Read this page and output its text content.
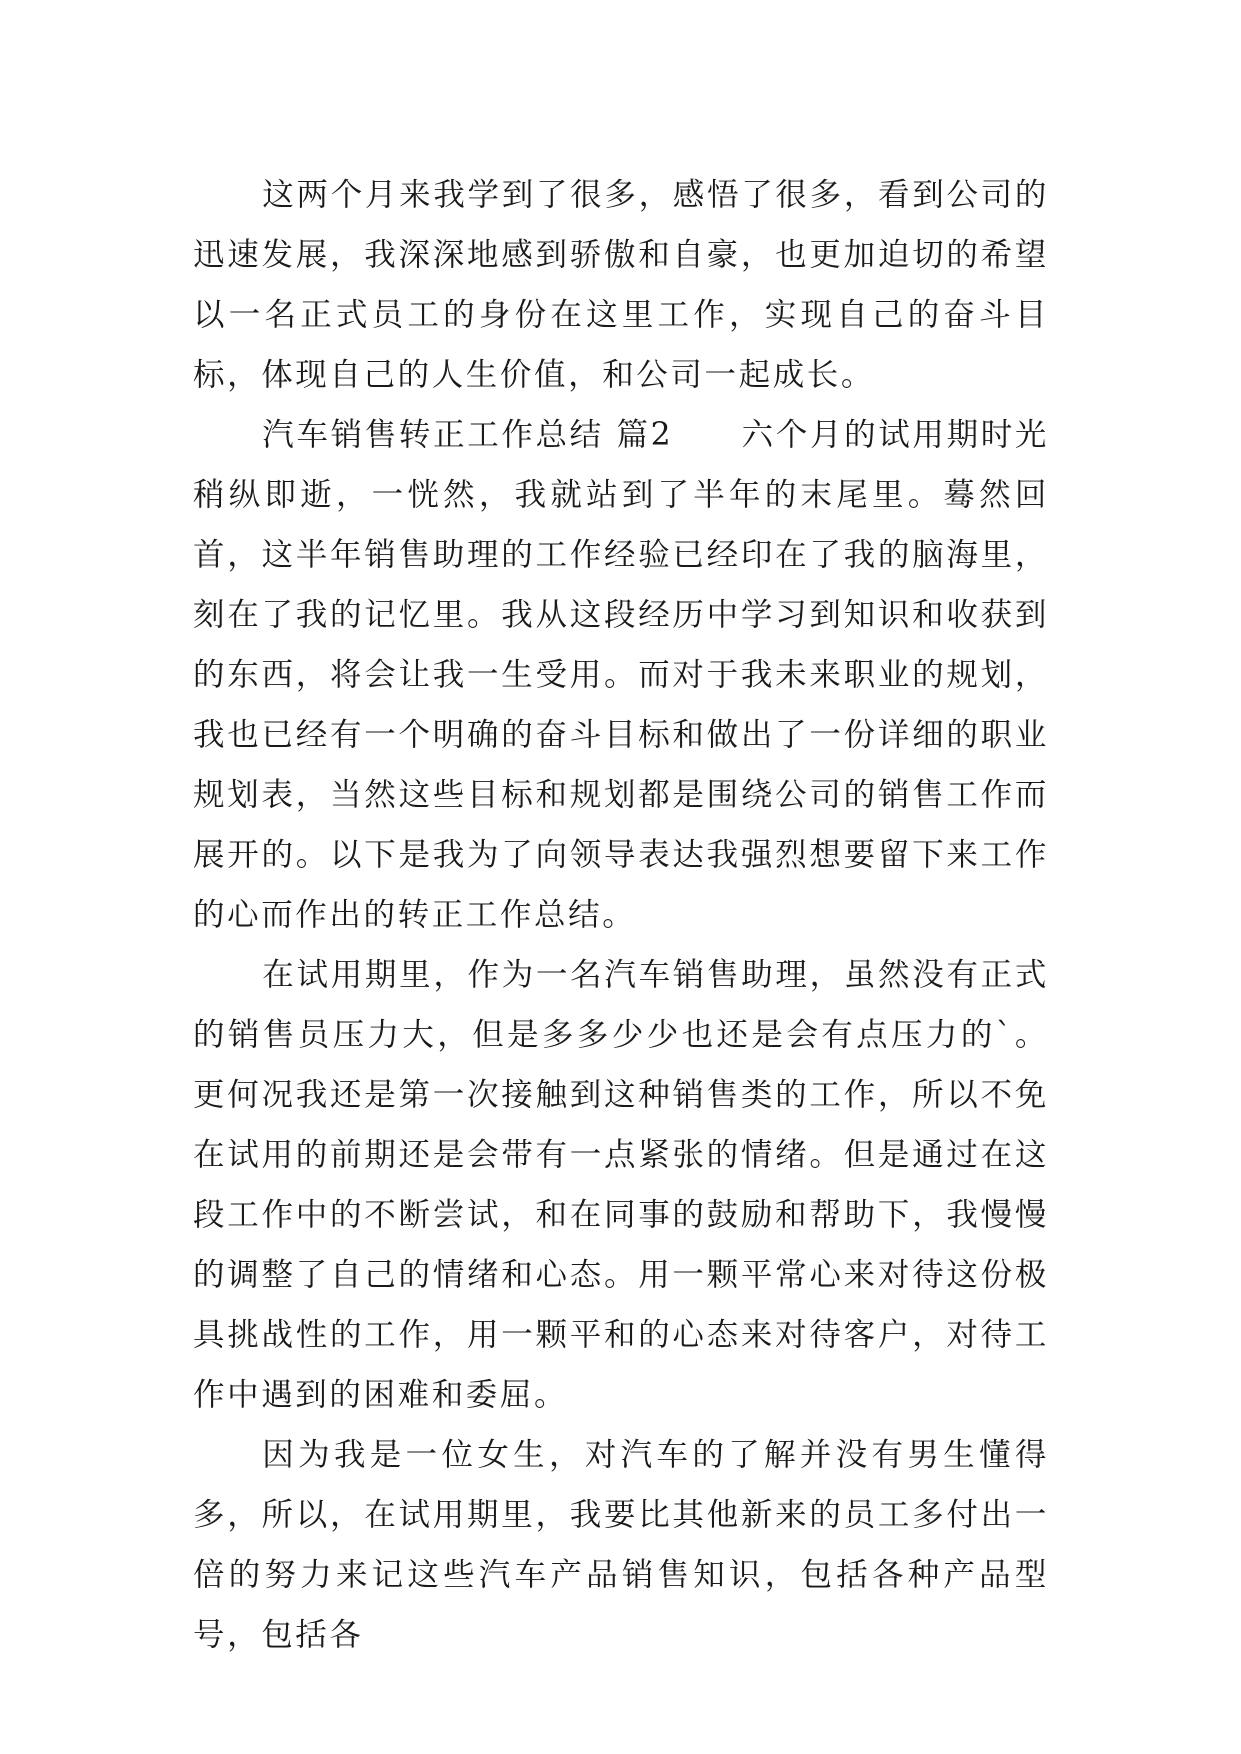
这两个月来我学到了很多，感悟了很多，看到公司的迅速发展，我深深地感到骄傲和自豪，也更加迫切的希望以一名正式员工的身份在这里工作，实现自己的奋斗目标，体现自己的人生价值，和公司一起成长。

汽车销售转正工作总结 篇2　　六个月的试用期时光稍纵即逝，一恍然，我就站到了半年的末尾里。蓦然回首，这半年销售助理的工作经验已经印在了我的脑海里，刻在了我的记忆里。我从这段经历中学习到知识和收获到的东西，将会让我一生受用。而对于我未来职业的规划，我也已经有一个明确的奋斗目标和做出了一份详细的职业规划表，当然这些目标和规划都是围绕公司的销售工作而展开的。以下是我为了向领导表达我强烈想要留下来工作的心而作出的转正工作总结。

在试用期里，作为一名汽车销售助理，虽然没有正式的销售员压力大，但是多多少少也还是会有点压力的`。更何况我还是第一次接触到这种销售类的工作，所以不免在试用的前期还是会带有一点紧张的情绪。但是通过在这段工作中的不断尝试，和在同事的鼓励和帮助下，我慢慢的调整了自己的情绪和心态。用一颗平常心来对待这份极具挑战性的工作，用一颗平和的心态来对待客户，对待工作中遇到的困难和委屈。

因为我是一位女生，对汽车的了解并没有男生懂得多，所以，在试用期里，我要比其他新来的员工多付出一倍的努力来记这些汽车产品销售知识，包括各种产品型号，包括各
